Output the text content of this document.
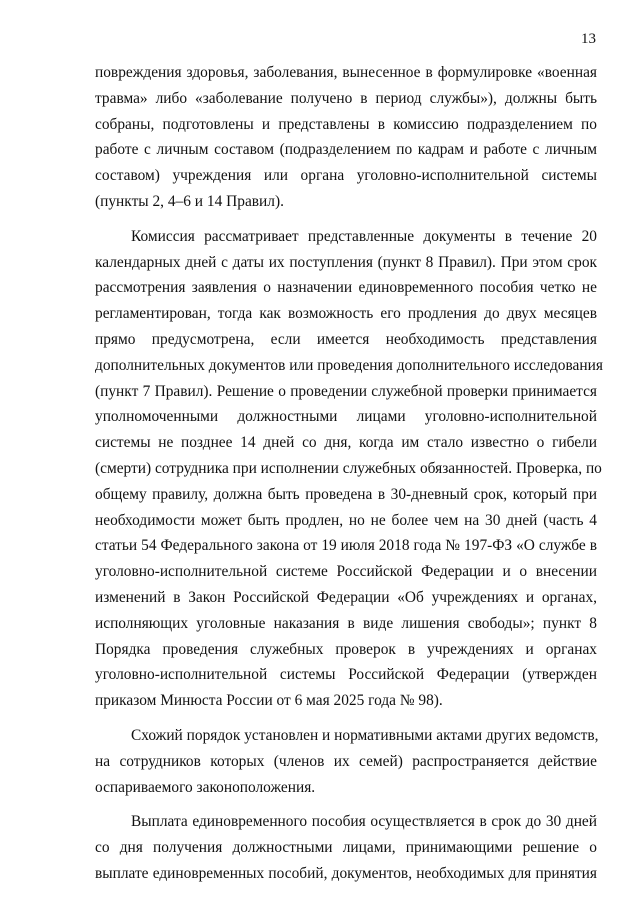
13

повреждения здоровья, заболевания, вынесенное в формулировке «военная
травма» либо «заболевание получено в период службы»), должны быть
собраны, подготовлены и представлены в комиссию подразделением по
работе с личным составом (подразделением по кадрам и работе с личным
составом) учреждения или органа уголовно-исполнительной системы
(пункты 2, 4–6 и 14 Правил).

Комиссия рассматривает представленные документы в течение 20
календарных дней с даты их поступления (пункт 8 Правил). При этом срок
рассмотрения заявления о назначении единовременного пособия четко не
регламентирован, тогда как возможность его продления до двух месяцев
прямо предусмотрена, если имеется необходимость представления
дополнительных документов или проведения дополнительного исследования
(пункт 7 Правил). Решение о проведении служебной проверки принимается
уполномоченными должностными лицами уголовно-исполнительной
системы не позднее 14 дней со дня, когда им стало известно о гибели
(смерти) сотрудника при исполнении служебных обязанностей. Проверка, по
общему правилу, должна быть проведена в 30-дневный срок, который при
необходимости может быть продлен, но не более чем на 30 дней (часть 4
статьи 54 Федерального закона от 19 июля 2018 года № 197-ФЗ «О службе в
уголовно-исполнительной системе Российской Федерации и о внесении
изменений в Закон Российской Федерации «Об учреждениях и органах,
исполняющих уголовные наказания в виде лишения свободы»; пункт 8
Порядка проведения служебных проверок в учреждениях и органах
уголовно-исполнительной системы Российской Федерации (утвержден
приказом Минюста России от 6 мая 2025 года № 98).

Схожий порядок установлен и нормативными актами других ведомств,
на сотрудников которых (членов их семей) распространяется действие
оспариваемого законоположения.

Выплата единовременного пособия осуществляется в срок до 30 дней
со дня получения должностными лицами, принимающими решение о
выплате единовременных пособий, документов, необходимых для принятия
